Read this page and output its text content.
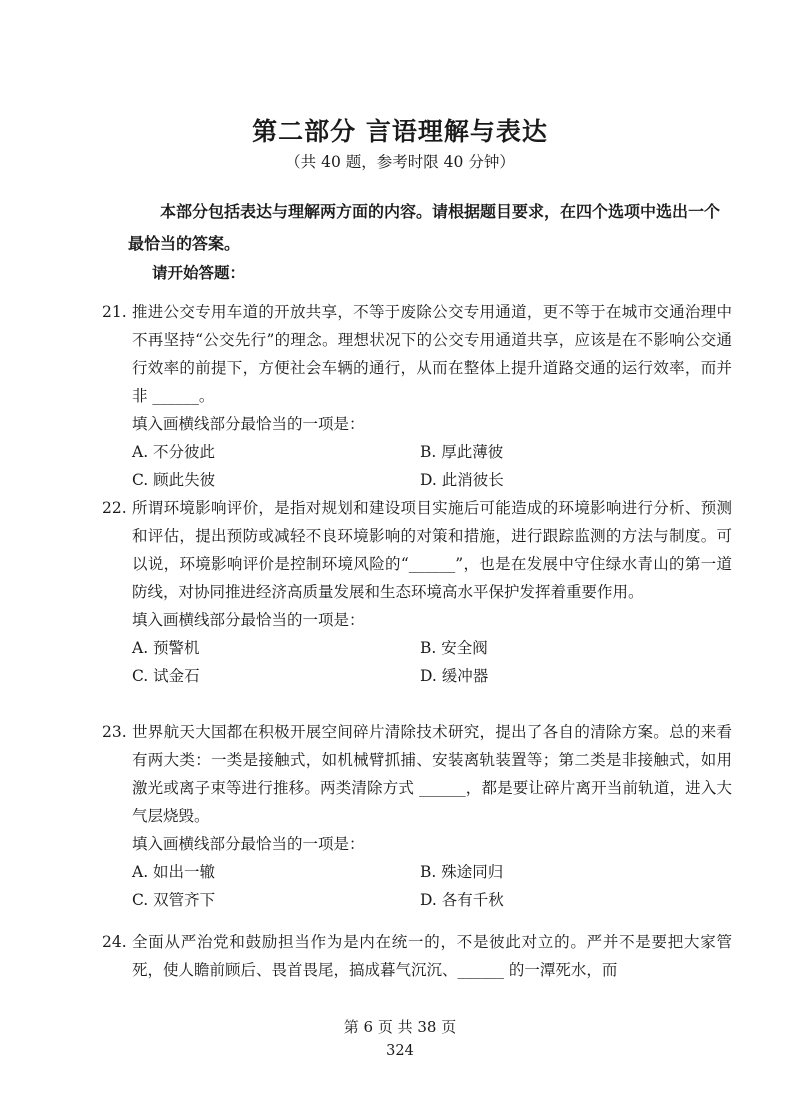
第二部分 言语理解与表达
（共 40 题，参考时限 40 分钟）

本部分包括表达与理解两方面的内容。请根据题目要求，在四个选项中选出一个最恰当的答案。

请开始答题：
21. 推进公交专用车道的开放共享，不等于废除公交专用通道，更不等于在城市交通治理中不再坚持“公交先行”的理念。理想状况下的公交专用通道共享，应该是在不影响公交通行效率的前提下，方便社会车辆的通行，从而在整体上提升道路交通的运行效率，而并非 ______。

填入画横线部分最恰当的一项是：

A. 不分彼此	B. 厚此薄彼
C. 顾此失彼	D. 此消彼长
22. 所谓环境影响评价，是指对规划和建设项目实施后可能造成的环境影响进行分析、预测和评估，提出预防或减轻不良环境影响的对策和措施，进行跟踪监测的方法与制度。可以说，环境影响评价是控制环境风险的“______”，也是在发展中守住绿水青山的第一道防线，对协同推进经济高质量发展和生态环境高水平保护发挥着重要作用。

填入画横线部分最恰当的一项是：

A. 预警机	B. 安全阀
C. 试金石	D. 缓冲器
23. 世界航天大国都在积极开展空间碎片清除技术研究，提出了各自的清除方案。总的来看有两大类：一类是接触式，如机械臂抓捕、安装离轨装置等；第二类是非接触式，如用激光或离子束等进行推移。两类清除方式 ______，都是要让碎片离开当前轨道，进入大气层烧毁。

填入画横线部分最恰当的一项是：

A. 如出一辙	B. 殊途同归
C. 双管齐下	D. 各有千秋
24. 全面从严治党和鼓励担当作为是内在统一的，不是彼此对立的。严并不是要把大家管死，使人瞻前顾后、畏首畏尾，搞成暮气沉沉、______ 的一潭死水，而

第 6 页 共 38 页
324
